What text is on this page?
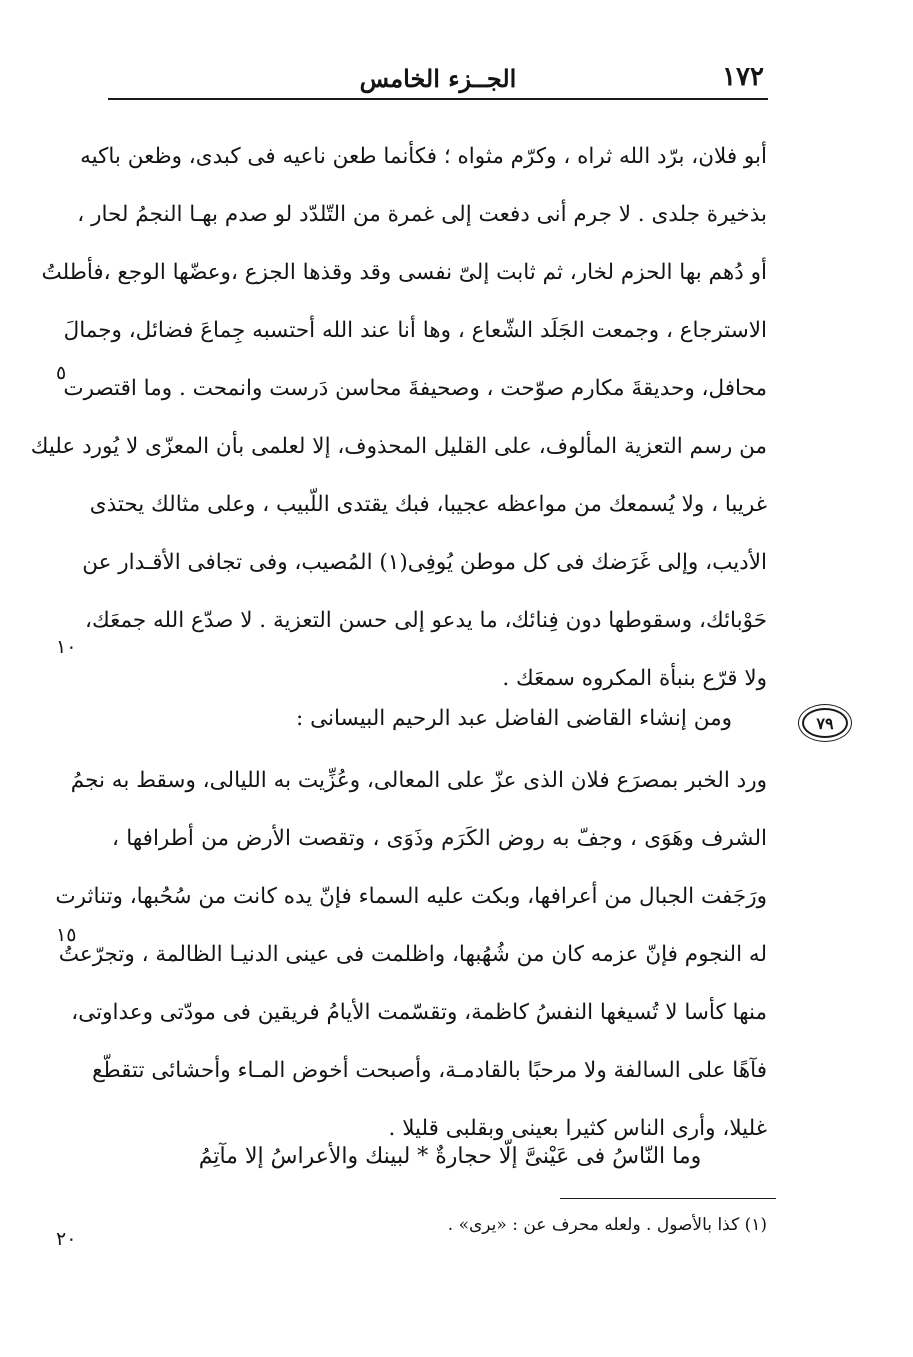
١٧٢
الجــزء الخامس
أبو فلان، برّد الله ثراه ، وكرّم مثواه ؛ فكأنما طعن ناعيه فى كبدى، وظعن باكيه
بذخيرة جلدى . لا جرم أنى دفعت إلى غمرة من التّلدّد لو صدم بهـا النجمُ لحار ،
أو دُهم بها الحزم لخار، ثم ثابت إلىّ نفسى وقد وقذها الجزع ،وعضّها الوجع ،فأطلتُ
الاسترجاع ، وجمعت الجَلَد الشّعاع ، وها أنا عند الله أحتسبه جِماعَ فضائل، وجمالَ
محافل، وحديقةَ مكارم صوّحت ، وصحيفةَ محاسن دَرست وانمحت . وما اقتصرت
من رسم التعزية المألوف، على القليل المحذوف، إلا لعلمى بأن المعزّى لا يُورد عليك
غريبا ، ولا يُسمعك من مواعظه عجيبا، فبك يقتدى اللّبيب ، وعلى مثالك يحتذى
الأديب، وإلى غَرَضك فى كل موطن يُوفِى(١) المُصيب، وفى تجافى الأقـدار عن
حَوْبائك، وسقوطها دون فِنائك، ما يدعو إلى حسن التعزية . لا صدّع الله جمعَك،
ولا قرّع بنبأة المكروه سمعَك .
ومن إنشاء القاضى الفاضل عبد الرحيم البيسانى :	٧٩
ورد الخبر بمصرَع فلان الذى عزّ على المعالى، وعُزِّيت به الليالى، وسقط به نجمُ
الشرف وهَوَى ، وجفّ به روض الكَرَم وذَوَى ، وتقصت الأرض من أطرافها ،
ورَجَفت الجبال من أعرافها، وبكت عليه السماء فإنّ يده كانت من سُحُبها، وتناثرت
له النجوم فإنّ عزمه كان من شُهُبها، واظلمت فى عينى الدنيـا الظالمة ، وتجرّعتُ
منها كأسا لا تُسيغها النفسُ كاظمة، وتقسّمت الأيامُ فريقين فى مودّتى وعداوتى،
فآهًا على السالفة ولا مرحبًا بالقادمـة، وأصبحت أخوض المـاء وأحشائى تتقطّع
غليلا، وأرى الناس كثيرا بعينى وبقلبى قليلا .
وما النّاسُ فى عَيْنىَّ إلّا حجارةٌ * لبينك والأعراسُ إلا مآتِمُ
(١) كذا بالأصول . ولعله محرف عن : «يرى» .
٥
١٠
١٥
٢٠
